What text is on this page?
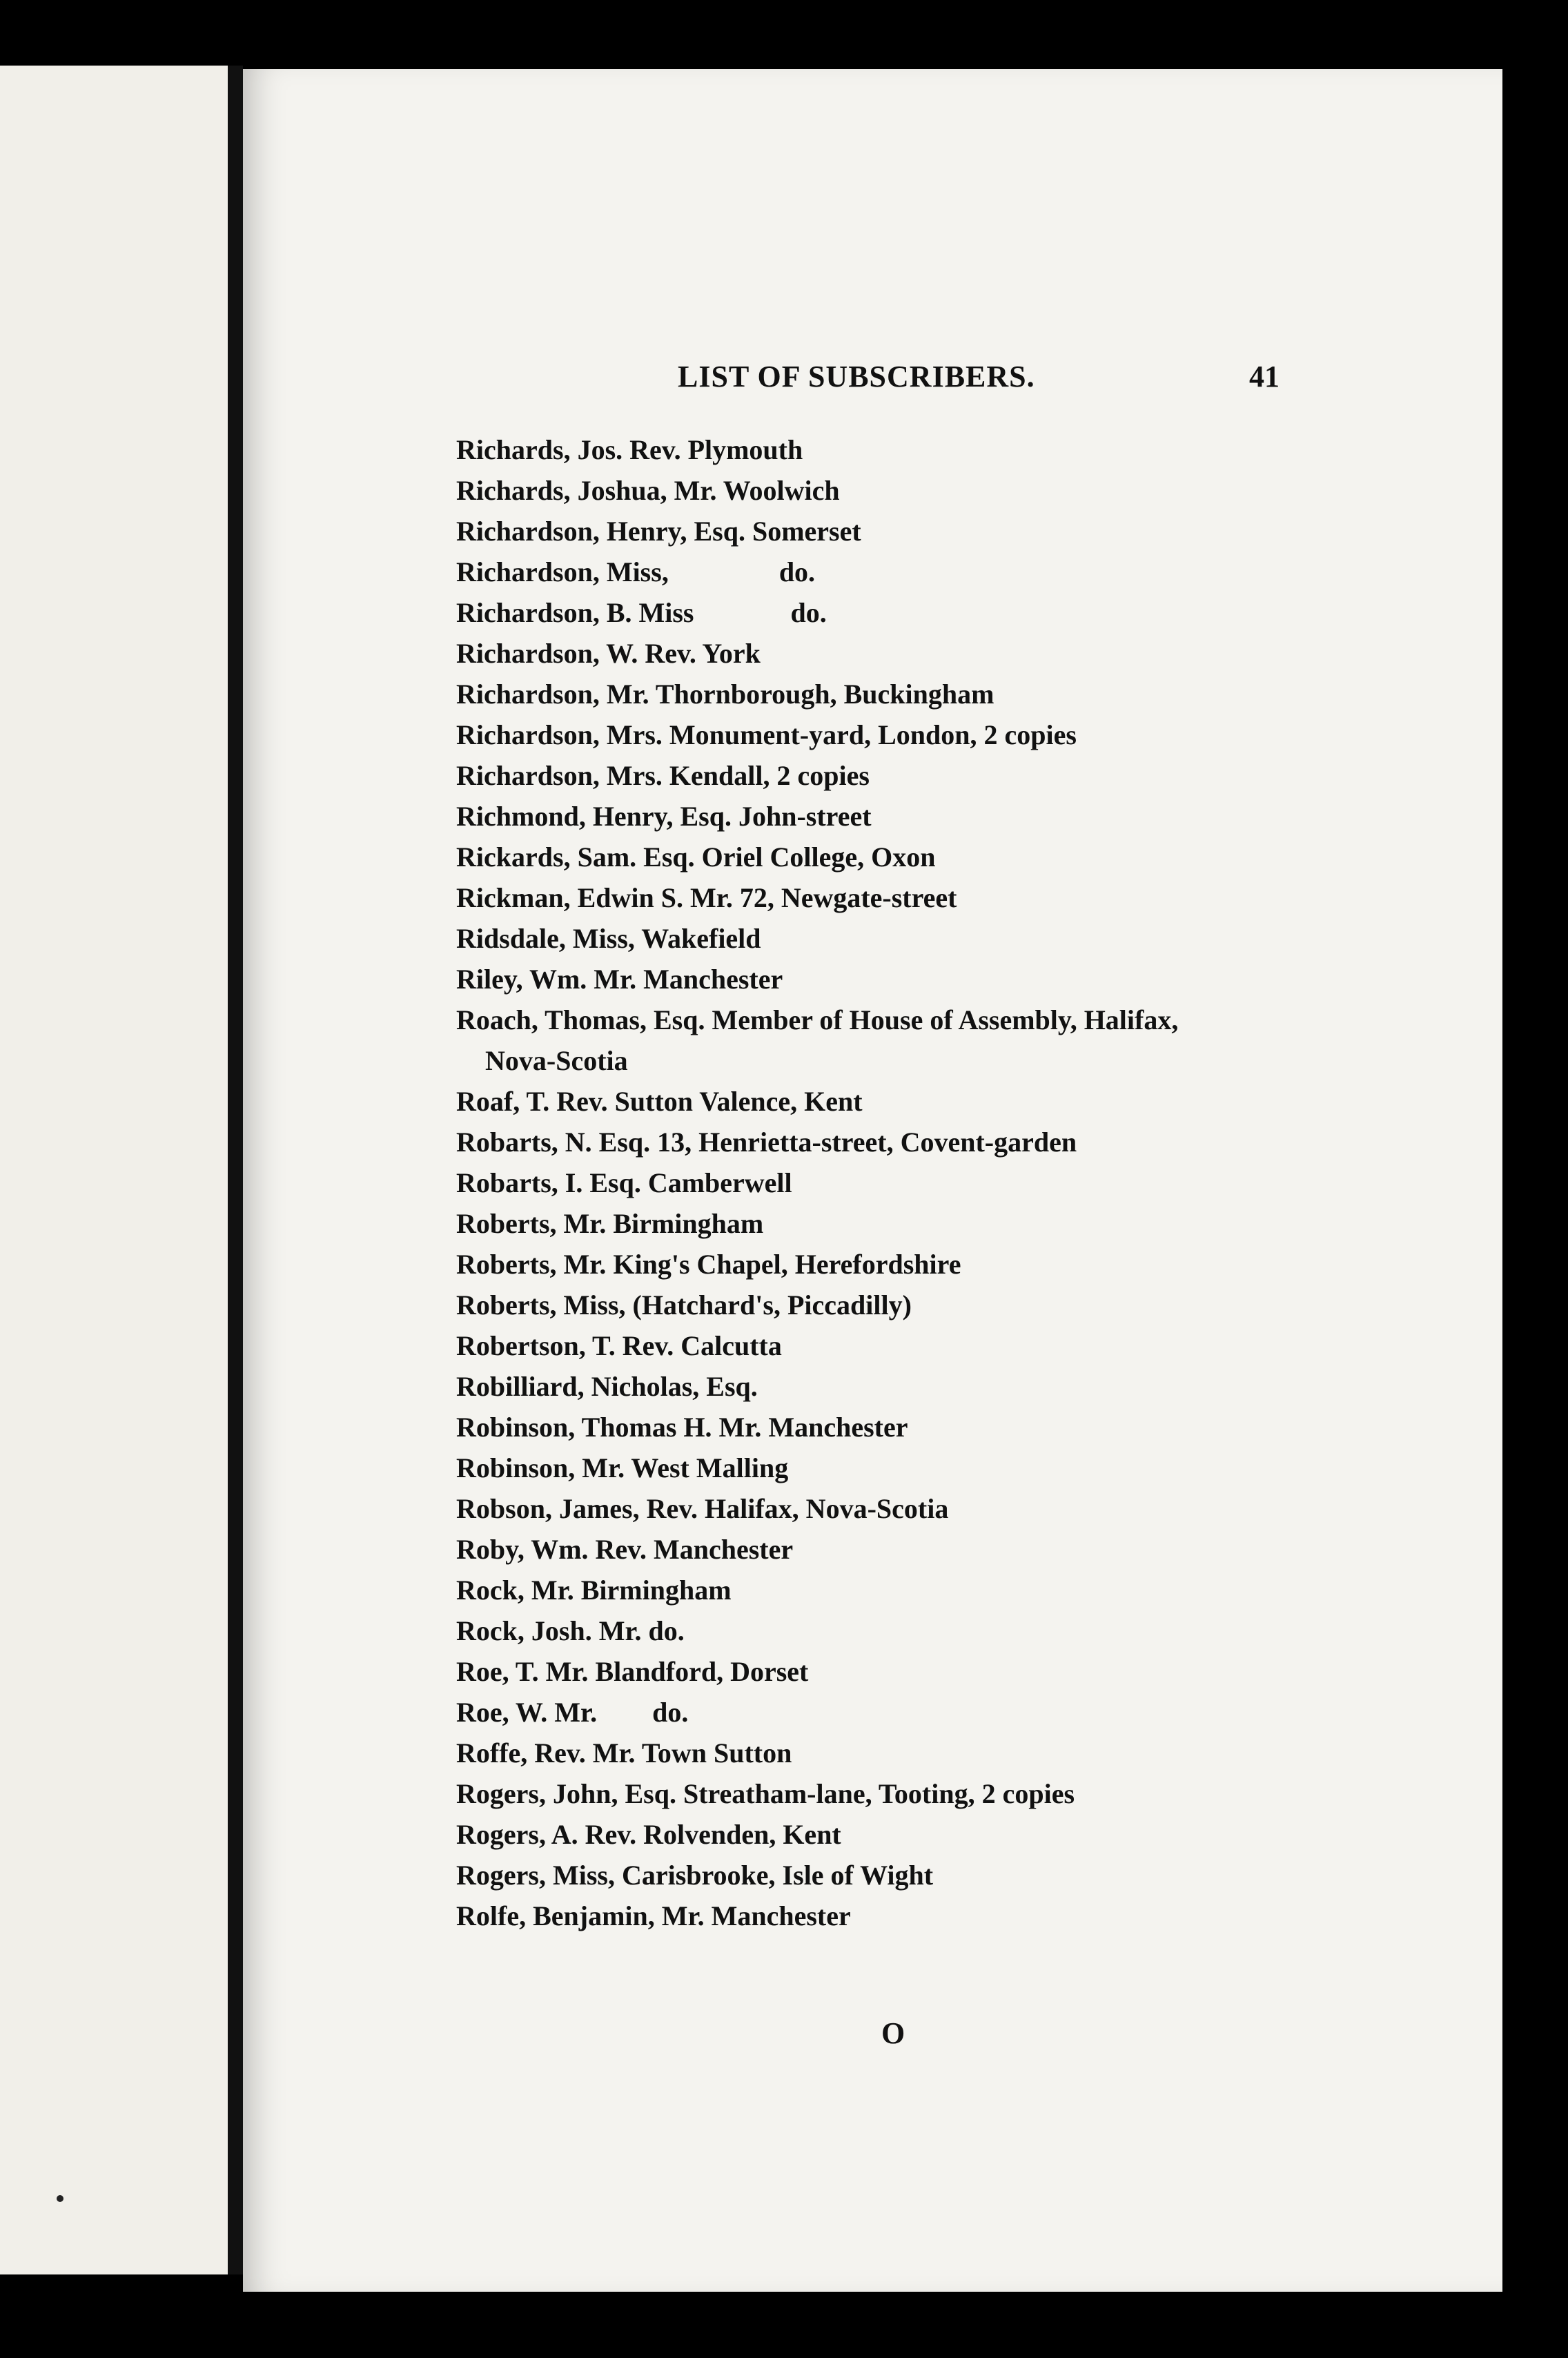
LIST OF SUBSCRIBERS.	41
Richards, Jos. Rev. Plymouth
Richards, Joshua, Mr. Woolwich
Richardson, Henry, Esq. Somerset
Richardson, Miss,                do.
Richardson, B. Miss              do.
Richardson, W. Rev. York
Richardson, Mr. Thornborough, Buckingham
Richardson, Mrs. Monument-yard, London, 2 copies
Richardson, Mrs. Kendall, 2 copies
Richmond, Henry, Esq. John-street
Rickards, Sam. Esq. Oriel College, Oxon
Rickman, Edwin S. Mr. 72, Newgate-street
Ridsdale, Miss, Wakefield
Riley, Wm. Mr. Manchester
Roach, Thomas, Esq. Member of House of Assembly, Halifax,
Nova-Scotia
Roaf, T. Rev. Sutton Valence, Kent
Robarts, N. Esq. 13, Henrietta-street, Covent-garden
Robarts, I. Esq. Camberwell
Roberts, Mr. Birmingham
Roberts, Mr. King's Chapel, Herefordshire
Roberts, Miss, (Hatchard's, Piccadilly)
Robertson, T. Rev. Calcutta
Robilliard, Nicholas, Esq.
Robinson, Thomas H. Mr. Manchester
Robinson, Mr. West Malling
Robson, James, Rev. Halifax, Nova-Scotia
Roby, Wm. Rev. Manchester
Rock, Mr. Birmingham
Rock, Josh. Mr. do.
Roe, T. Mr. Blandford, Dorset
Roe, W. Mr.        do.
Roffe, Rev. Mr. Town Sutton
Rogers, John, Esq. Streatham-lane, Tooting, 2 copies
Rogers, A. Rev. Rolvenden, Kent
Rogers, Miss, Carisbrooke, Isle of Wight
Rolfe, Benjamin, Mr. Manchester
O
